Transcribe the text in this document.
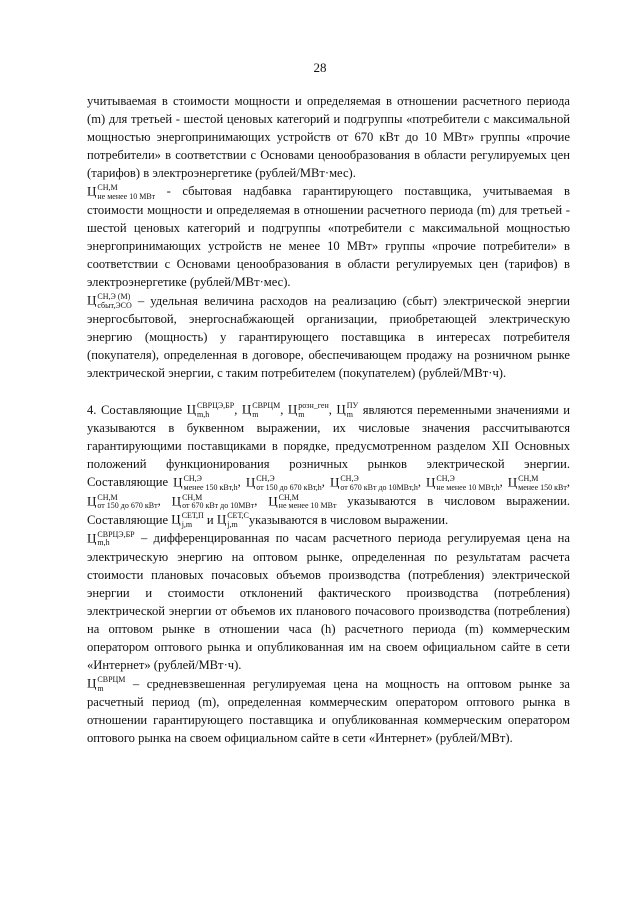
28

учитываемая в стоимости мощности и определяемая в отношении расчетного периода (m) для третьей - шестой ценовых категорий и подгруппы «потребители с максимальной мощностью энергопринимающих устройств от 670 кВт до 10 МВт» группы «прочие потребители» в соответствии с Основами ценообразования в области регулируемых цен (тарифов) в электроэнергетике (рублей/МВт·мес).

Ц СН,М
не менее 10 МВт - сбытовая надбавка гарантирующего поставщика, учитываемая в стоимости мощности и определяемая в отношении расчетного периода (m) для третьей - шестой ценовых категорий и подгруппы «потребители с максимальной мощностью энергопринимающих устройств не менее 10 МВт» группы «прочие потребители» в соответствии с Основами ценообразования в области регулируемых цен (тарифов) в электроэнергетике (рублей/МВт·мес).

Ц СН,Э (М)
сбыт,ЭСО – удельная величина расходов на реализацию (сбыт) электрической энергии энергосбытовой, энергоснабжающей организации, приобретающей электрическую энергию (мощность) у гарантирующего поставщика в интересах потребителя (покупателя), определенная в договоре, обеспечивающем продажу на розничном рынке электрической энергии, с таким потребителем (покупателем) (рублей/МВт·ч).

4. Составляющие Ц СВРЦЭ,БР
m,h	, Ц СВРЦМ
m	, Ц розн_ген
m	, Ц ПУ
m являются переменными значениями и указываются в буквенном выражении, их числовые значения рассчитываются гарантирующими поставщиками в порядке, предусмотренном разделом XII Основных положений функционирования розничных рынков электрической энергии. Составляющие Ц СН,Э
менее 150 кВт,h , Ц СН,Э
от 150 до 670 кВт,h , Ц СН,Э
от 670 кВт до 10МВт,h , Ц СН,Э
не менее 10 МВт,h , Ц СН,М
менее 150 кВт , Ц СН,М
от 150 до 670 кВт , Ц СН,М
от 670 кВт до 10МВт , Ц СН,М
не менее 10 МВт указываются в числовом выражении. Составляющие Ц СЕТ,П
j,m и Ц СЕТ,С
j,m указываются в числовом выражении.

Ц СВРЦЭ,БР
m,h	– дифференцированная по часам расчетного периода регулируемая цена на электрическую энергию на оптовом рынке, определенная по результатам расчета стоимости плановых почасовых объемов производства (потребления) электрической энергии и стоимости отклонений фактического производства (потребления) электрической энергии от объемов их планового почасового производства (потребления) на оптовом рынке в отношении часа (h) расчетного периода (m) коммерческим оператором оптового рынка и опубликованная им на своем официальном сайте в сети «Интернет» (рублей/МВт·ч).

Ц СВРЦМ
m	– средневзвешенная регулируемая цена на мощность на оптовом рынке за расчетный период (m), определенная коммерческим оператором оптового рынка в отношении гарантирующего поставщика и опубликованная коммерческим оператором оптового рынка на своем официальном сайте в сети «Интернет» (рублей/МВт).
